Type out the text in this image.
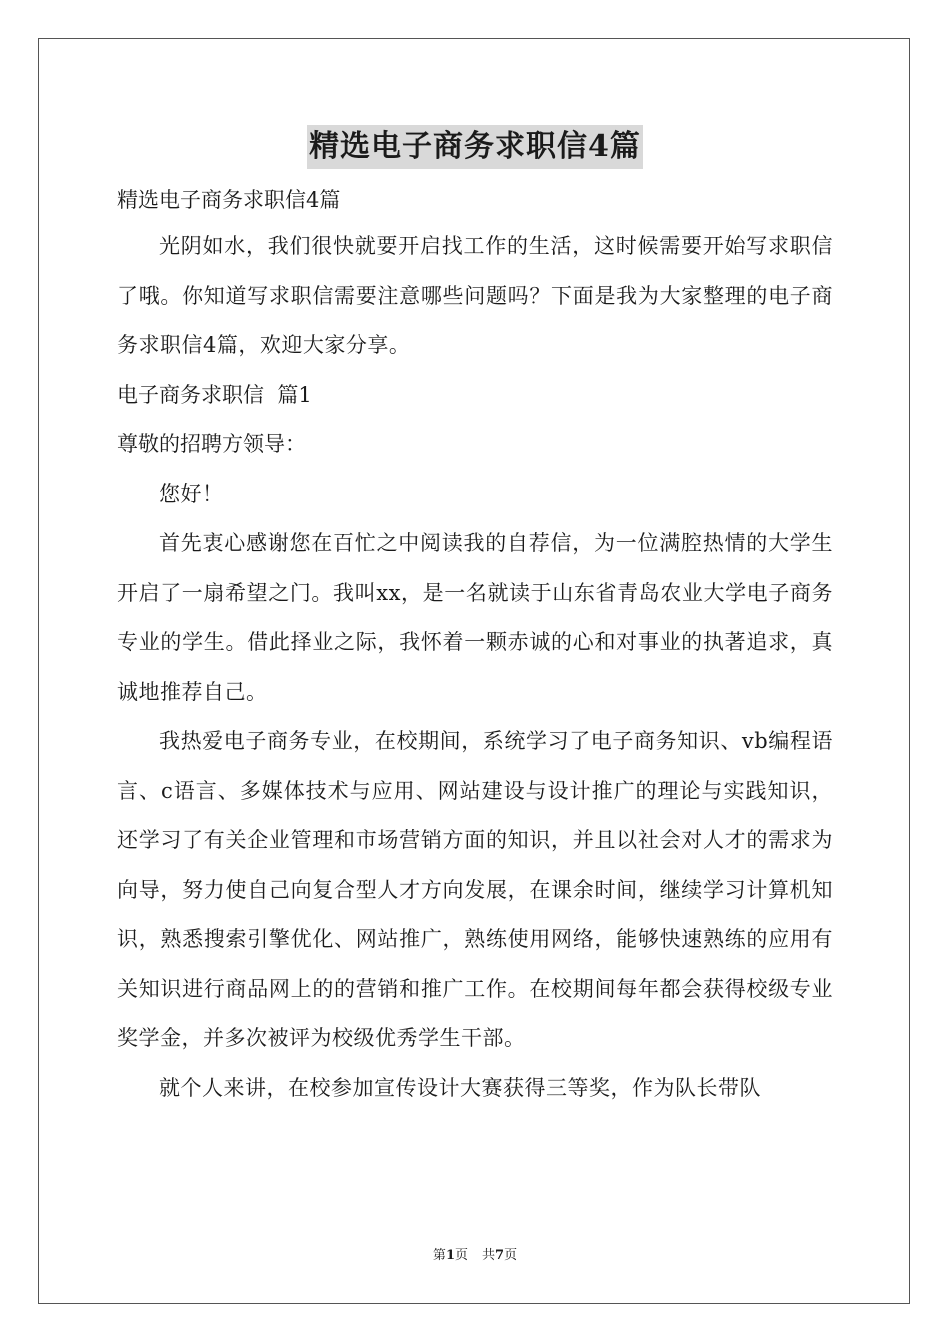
精选电子商务求职信4篇

精选电子商务求职信4篇

光阴如水，我们很快就要开启找工作的生活，这时候需要开始写求职信了哦。你知道写求职信需要注意哪些问题吗？下面是我为大家整理的电子商务求职信4篇，欢迎大家分享。

电子商务求职信  篇1

尊敬的招聘方领导：

您好！

首先衷心感谢您在百忙之中阅读我的自荐信，为一位满腔热情的大学生开启了一扇希望之门。我叫xx，是一名就读于山东省青岛农业大学电子商务专业的学生。借此择业之际，我怀着一颗赤诚的心和对事业的执著追求，真诚地推荐自己。

我热爱电子商务专业，在校期间，系统学习了电子商务知识、vb编程语言、c语言、多媒体技术与应用、网站建设与设计推广的理论与实践知识，还学习了有关企业管理和市场营销方面的知识，并且以社会对人才的需求为向导，努力使自己向复合型人才方向发展，在课余时间，继续学习计算机知识，熟悉搜索引擎优化、网站推广，熟练使用网络，能够快速熟练的应用有关知识进行商品网上的的营销和推广工作。在校期间每年都会获得校级专业奖学金，并多次被评为校级优秀学生干部。

就个人来讲，在校参加宣传设计大赛获得三等奖，作为队长带队

第1页 共7页
